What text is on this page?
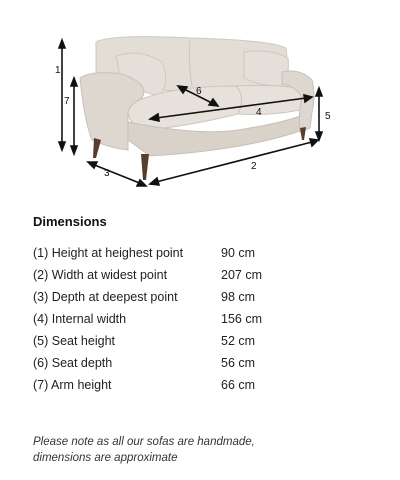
1
7
5
6
4
3
2
Dimensions
(1) Height at heighest point	90 cm
(2) Width at widest point	207 cm
(3) Depth at deepest point	98 cm
(4) Internal width	156 cm
(5) Seat height	52 cm
(6) Seat depth	56 cm
(7) Arm height	66 cm
Please note as all our sofas are handmade,
dimensions are approximate
